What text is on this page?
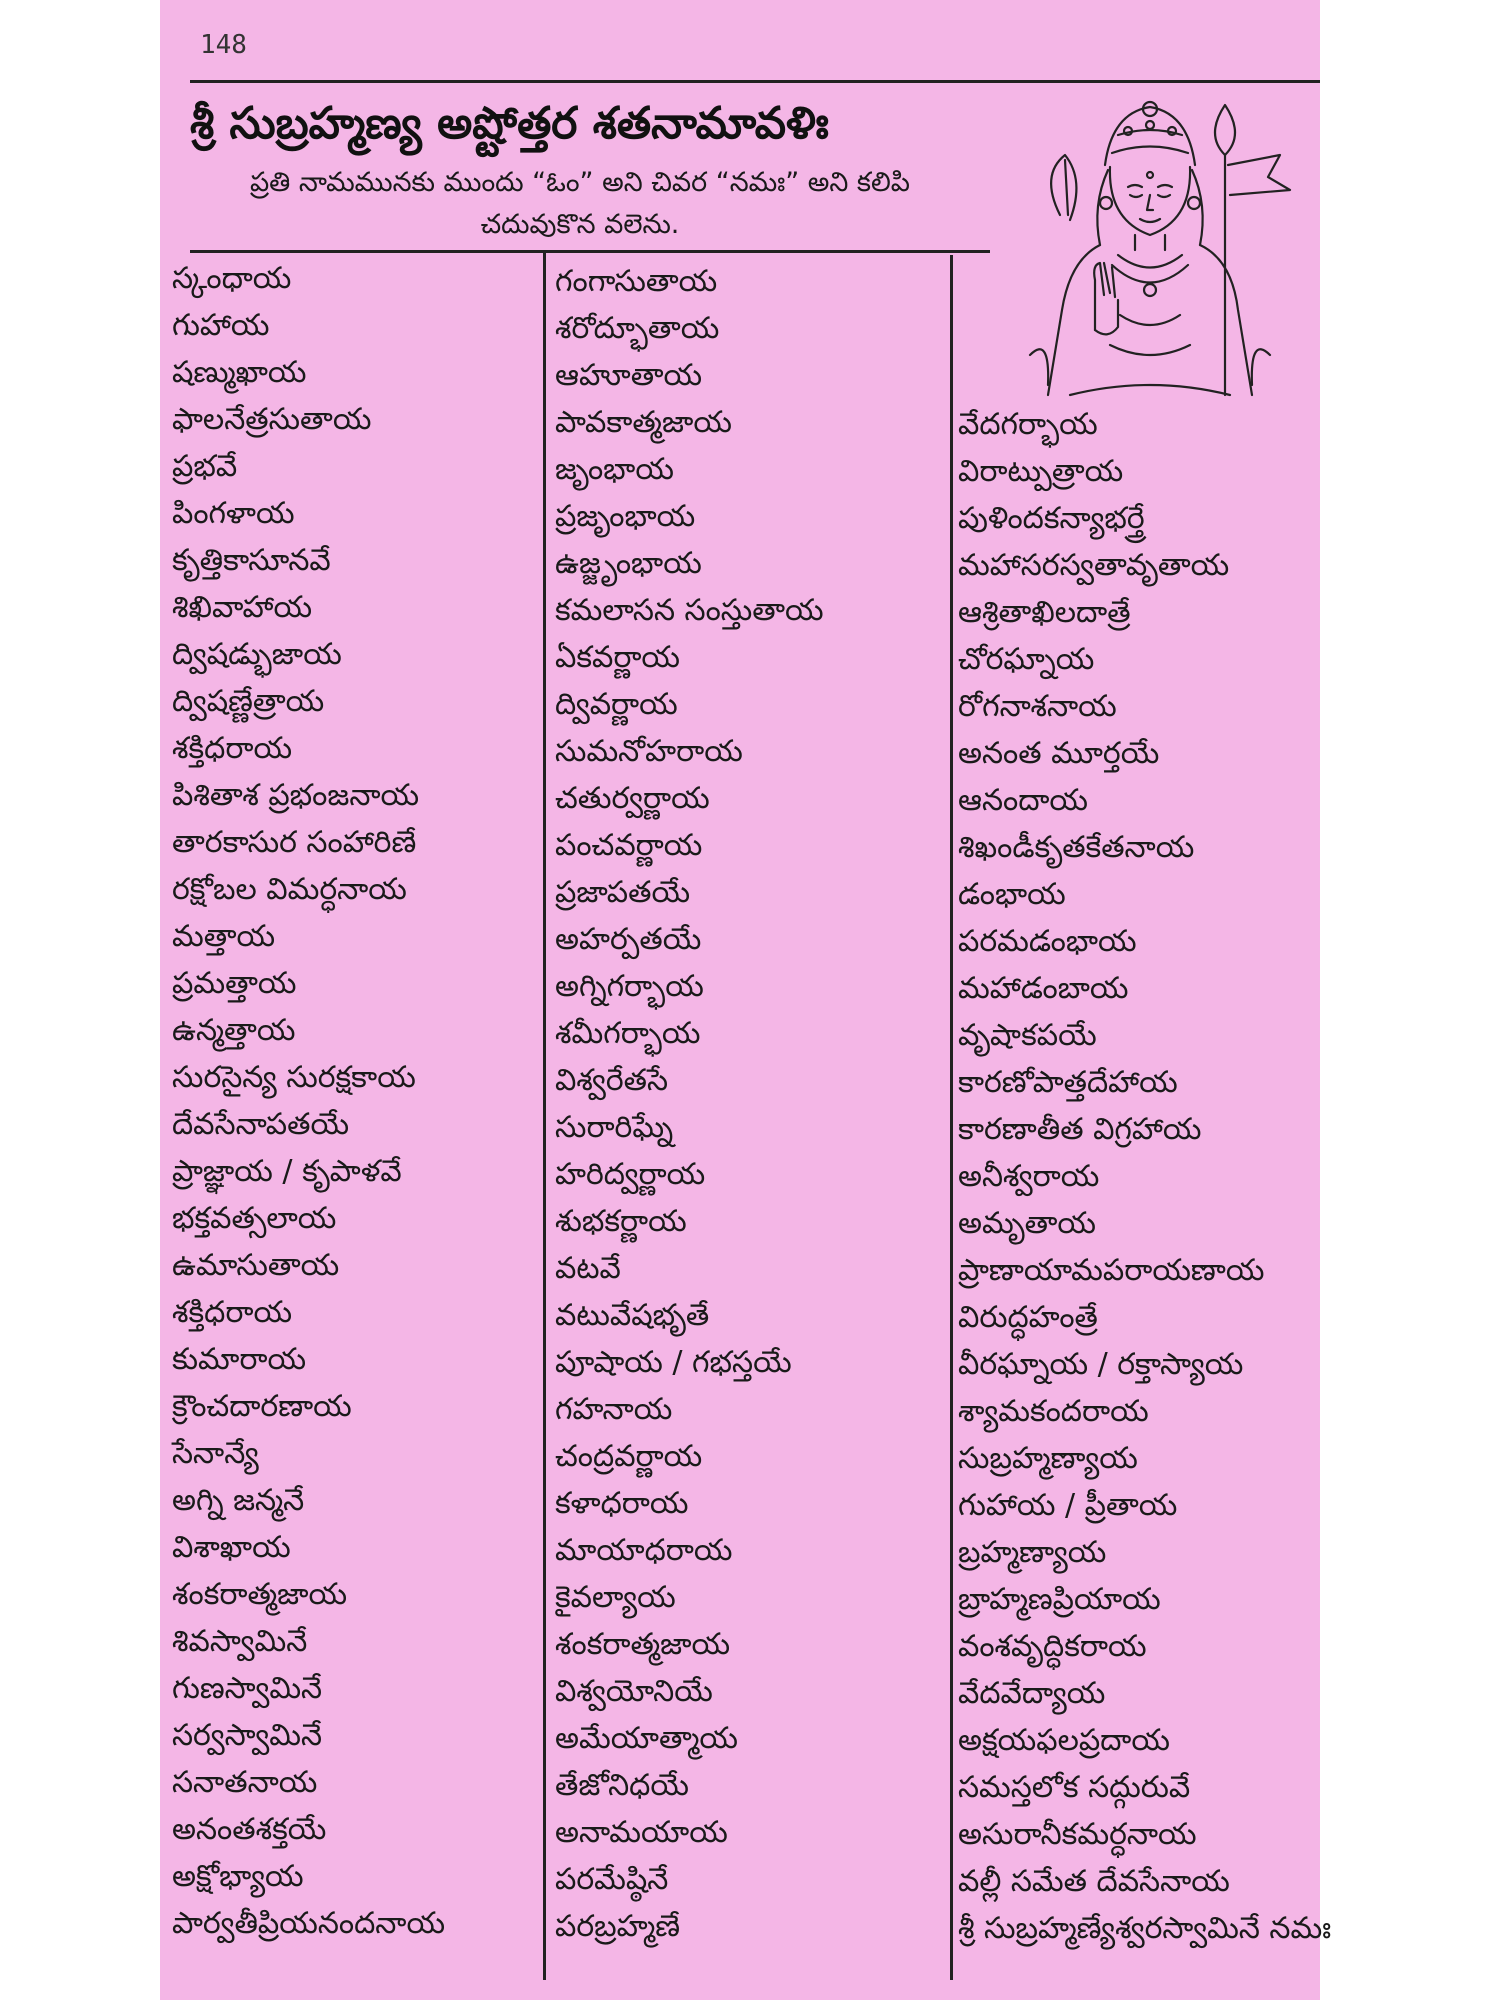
148
శ్రీ సుబ్రహ్మణ్య అష్టోత్తర శతనామావళిః
ప్రతి నామమునకు ముందు “ఓం” అని చివర “నమః” అని కలిపి చదువుకొన వలెను.
స్కంధాయ
గుహాయ
షణ్ముఖాయ
ఫాలనేత్రసుతాయ
ప్రభవే
పింగళాయ
కృత్తికాసూనవే
శిఖివాహాయ
ద్విషడ్భుజాయ
ద్విషణ్ణేత్రాయ
శక్తిధరాయ
పిశితాశ ప్రభంజనాయ
తారకాసుర సంహారిణే
రక్షోబల విమర్ధనాయ
మత్తాయ
ప్రమత్తాయ
ఉన్మత్తాయ
సురసైన్య సురక్షకాయ
దేవసేనాపతయే
ప్రాజ్ఞాయ / కృపాళవే
భక్తవత్సలాయ
ఉమాసుతాయ
శక్తిధరాయ
కుమారాయ
క్రౌంచదారణాయ
సేనాన్యే
అగ్ని జన్మనే
విశాఖాయ
శంకరాత్మజాయ
శివస్వామినే
గుణస్వామినే
సర్వస్వామినే
సనాతనాయ
అనంతశక్తయే
అక్షోభ్యాయ
పార్వతీప్రియనందనాయ
గంగాసుతాయ
శరోద్భూతాయ
ఆహూతాయ
పావకాత్మజాయ
జృంభాయ
ప్రజృంభాయ
ఉజ్జృంభాయ
కమలాసన సంస్తుతాయ
ఏకవర్ణాయ
ద్వివర్ణాయ
సుమనోహరాయ
చతుర్వర్ణాయ
పంచవర్ణాయ
ప్రజాపతయే
అహర్పతయే
అగ్నిగర్భాయ
శమీగర్భాయ
విశ్వరేతసే
సురారిఘ్నే
హరిద్వర్ణాయ
శుభకర్ణాయ
వటవే
వటువేషభృతే
పూషాయ / గభస్తయే
గహనాయ
చంద్రవర్ణాయ
కళాధరాయ
మాయాధరాయ
కైవల్యాయ
శంకరాత్మజాయ
విశ్వయోనియే
అమేయాత్మాయ
తేజోనిధయే
అనామయాయ
పరమేష్ఠినే
పరబ్రహ్మణే
వేదగర్భాయ
విరాట్పుత్రాయ
పుళిందకన్యాభర్త్రే
మహాసరస్వతావృతాయ
ఆశ్రితాఖిలదాత్రే
చోరఘ్నాయ
రోగనాశనాయ
అనంత మూర్తయే
ఆనందాయ
శిఖండీకృతకేతనాయ
డంభాయ
పరమడంభాయ
మహాడంబాయ
వృషాకపయే
కారణోపాత్తదేహాయ
కారణాతీత విగ్రహాయ
అనీశ్వరాయ
అమృతాయ
ప్రాణాయామపరాయణాయ
విరుద్ధహంత్రే
వీరఘ్నాయ / రక్తాస్యాయ
శ్యామకందరాయ
సుబ్రహ్మణ్యాయ
గుహాయ / ప్రీతాయ
బ్రహ్మణ్యాయ
బ్రాహ్మణప్రియాయ
వంశవృద్ధికరాయ
వేదవేద్యాయ
అక్షయఫలప్రదాయ
సమస్తలోక సద్గురువే
అసురానీకమర్ధనాయ
వల్లీ సమేత దేవసేనాయ
శ్రీ సుబ్రహ్మణ్యేశ్వరస్వామినే నమః
